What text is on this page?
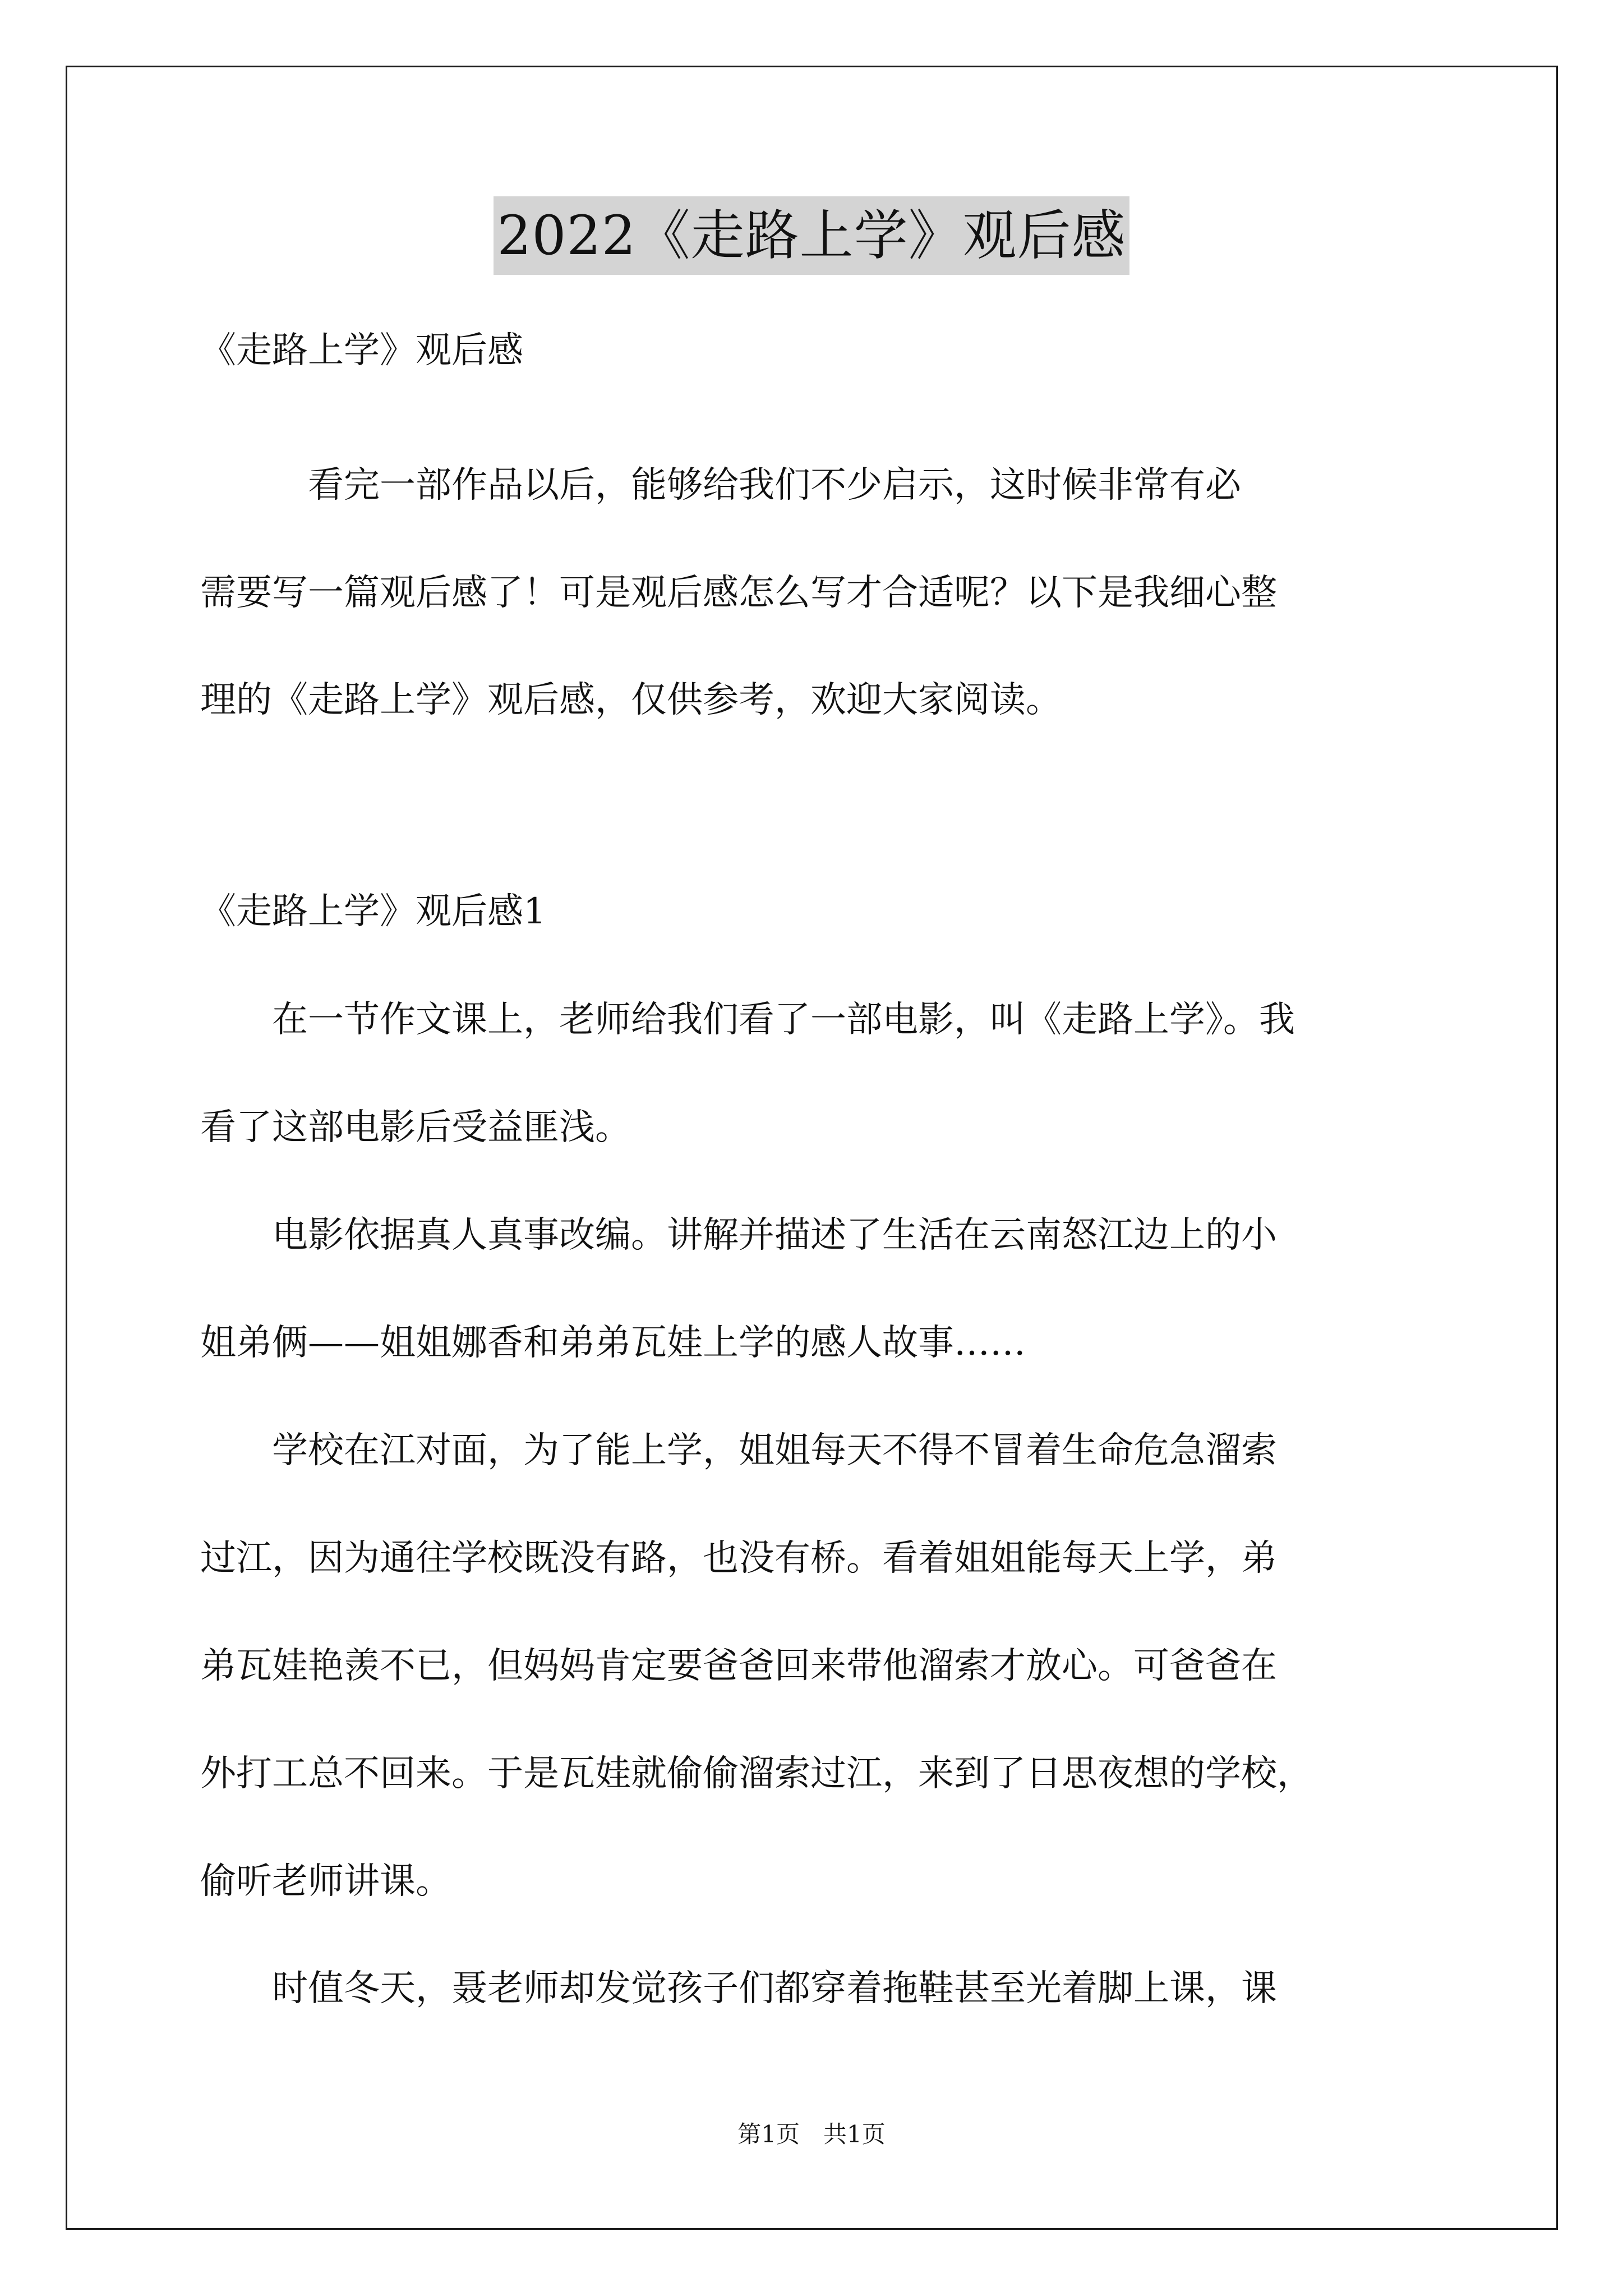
2022《走路上学》观后感
《走路上学》观后感
　　　看完一部作品以后，能够给我们不少启示，这时候非常有必
需要写一篇观后感了！可是观后感怎么写才合适呢？以下是我细心整
理的《走路上学》观后感，仅供参考，欢迎大家阅读。
《走路上学》观后感1
　　在一节作文课上，老师给我们看了一部电影，叫《走路上学》。我
看了这部电影后受益匪浅。
　　电影依据真人真事改编。讲解并描述了生活在云南怒江边上的小
姐弟俩——姐姐娜香和弟弟瓦娃上学的感人故事……
　　学校在江对面，为了能上学，姐姐每天不得不冒着生命危急溜索
过江，因为通往学校既没有路，也没有桥。看着姐姐能每天上学，弟
弟瓦娃艳羡不已，但妈妈肯定要爸爸回来带他溜索才放心。可爸爸在
外打工总不回来。于是瓦娃就偷偷溜索过江，来到了日思夜想的学校，
偷听老师讲课。
　　时值冬天，聂老师却发觉孩子们都穿着拖鞋甚至光着脚上课，课
第1页　共1页
